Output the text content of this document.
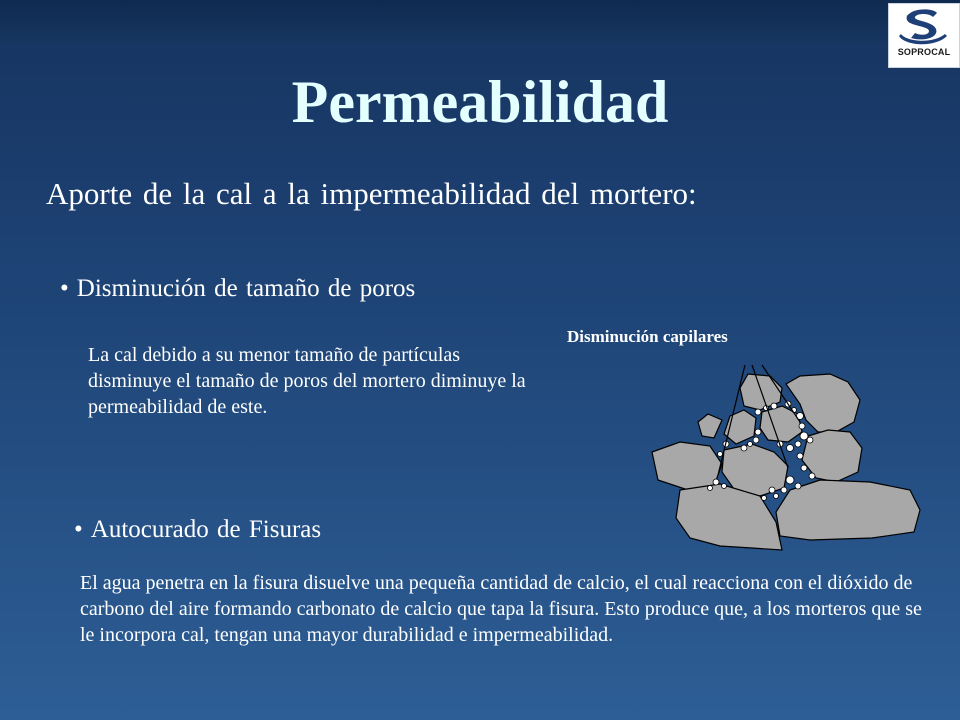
SOPROCAL
Permeabilidad
Aporte de la cal a la impermeabilidad del mortero:
• Disminución de tamaño de poros
La cal debido a su menor tamaño de partículas disminuye el tamaño de poros del mortero diminuye la permeabilidad de este.
Disminución capilares
• Autocurado de Fisuras
El agua penetra en la fisura disuelve una pequeña cantidad de calcio, el cual reacciona con el dióxido de carbono del aire formando carbonato de calcio que tapa la fisura. Esto produce que, a los morteros que se le incorpora cal, tengan una mayor durabilidad e impermeabilidad.
